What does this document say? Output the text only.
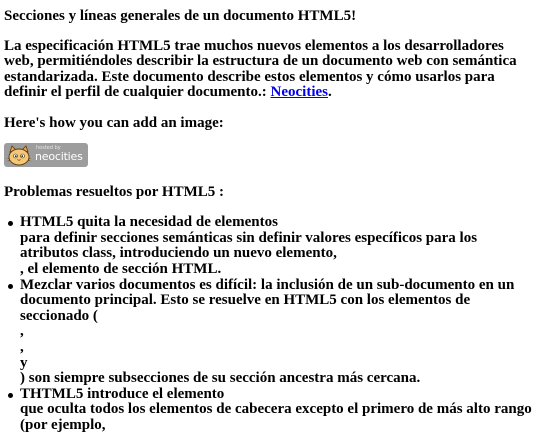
Secciones y líneas generales de un documento HTML5!

La especificación HTML5 trae muchos nuevos elementos a los desarrolladores web, permitiéndoles describir la estructura de un documento web con semántica estandarizada. Este documento describe estos elementos y cómo usarlos para definir el perfil de cualquier documento.: Neocities.

Here's how you can add an image:

hosted by
neocities

Problemas resueltos por HTML5 :

HTML5 quita la necesidad de elementos
para definir secciones semánticas sin definir valores específicos para los atributos class, introduciendo un nuevo elemento,
, el elemento de sección HTML.
Mezclar varios documentos es difícil: la inclusión de un sub-documento en un documento principal. Esto se resuelve en HTML5 con los elementos de seccionado (
,
,
y
) son siempre subsecciones de su sección ancestra más cercana.
THTML5 introduce el elemento
que oculta todos los elementos de cabecera excepto el primero de más alto rango (por ejemplo,
